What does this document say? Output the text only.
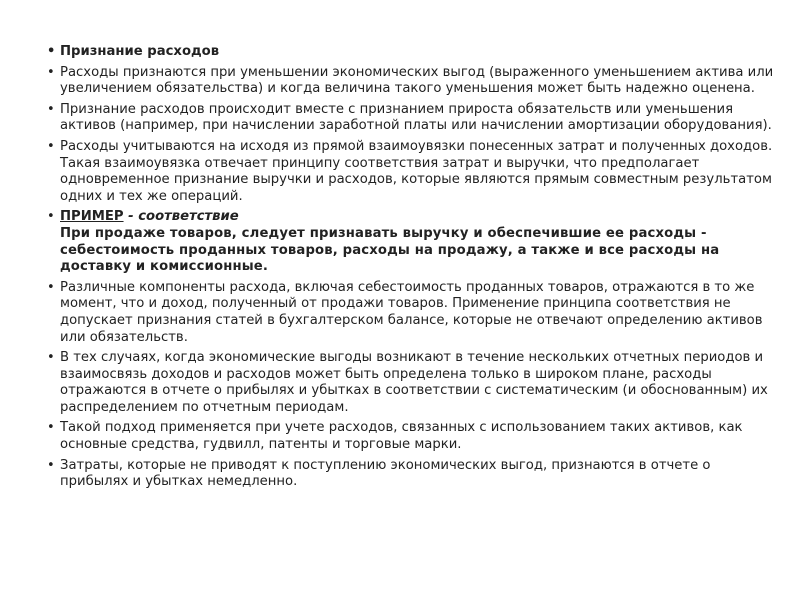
• Признание расходов
• Расходы признаются при уменьшении экономических выгод (выраженного уменьшением актива или увеличением обязательства) и когда величина такого уменьшения может быть надежно оценена.
• Признание расходов происходит вместе с признанием прироста обязательств или уменьшения активов (например, при начислении заработной платы или начислении амортизации оборудования).
• Расходы учитываются на исходя из прямой взаимоувязки понесенных затрат и полученных доходов. Такая взаимоувязка отвечает принципу соответствия затрат и выручки, что предполагает одновременное признание выручки и расходов, которые являются прямым совместным результатом одних и тех же операций.
• ПРИМЕР - соответствие
При продаже товаров, следует признавать выручку и обеспечившие ее расходы - себестоимость проданных товаров, расходы на продажу, а также и все расходы на доставку и комиссионные.
• Различные компоненты расхода, включая себестоимость проданных товаров, отражаются в то же момент, что и доход, полученный от продажи товаров. Применение принципа соответствия не допускает признания статей в бухгалтерском балансе, которые не отвечают определению активов или обязательств.
• В тех случаях, когда экономические выгоды возникают в течение нескольких отчетных периодов и взаимосвязь доходов и расходов может быть определена только в широком плане, расходы отражаются в отчете о прибылях и убытках в соответствии с систематическим (и обоснованным) их распределением по отчетным периодам.
• Такой подход применяется при учете расходов, связанных с использованием таких активов, как основные средства, гудвилл, патенты и торговые марки.
• Затраты, которые не приводят к поступлению экономических выгод, признаются в отчете о прибылях и убытках немедленно.
